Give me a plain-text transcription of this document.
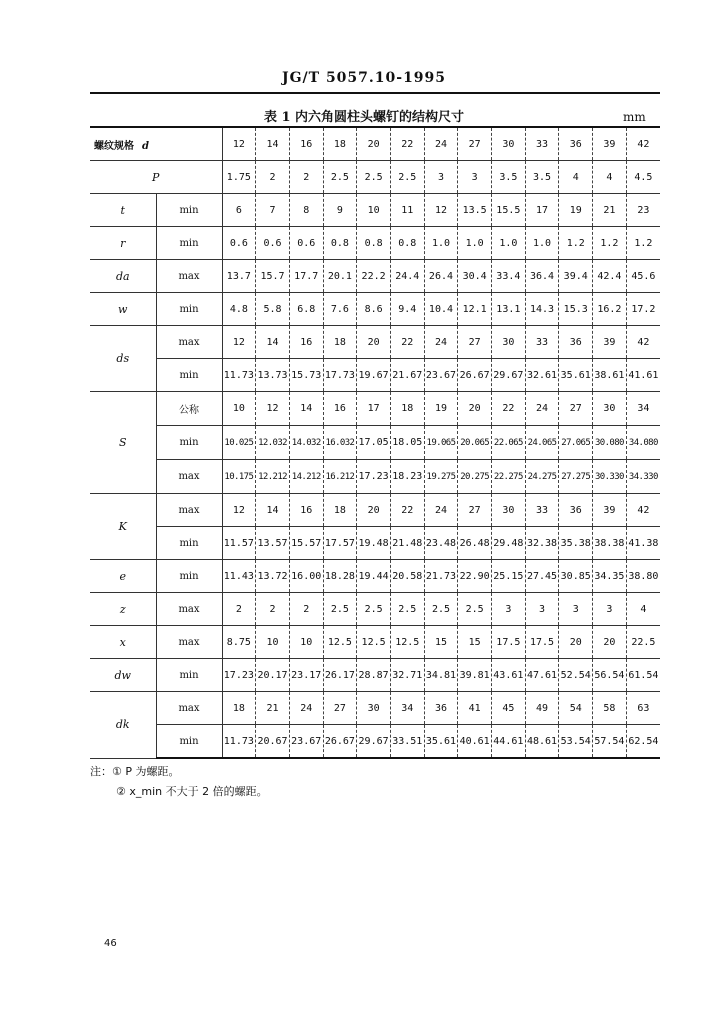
JG/T 5057.10-1995
表 1 内六角圆柱头螺钉的结构尺寸	mm
螺纹规格 d		12	14	16	18	20	22	24	27	30	33	36	39	42
P		1.75	2	2	2.5	2.5	2.5	3	3	3.5	3.5	4	4	4.5
t	min	6	7	8	9	10	11	12	13.5	15.5	17	19	21	23
r	min	0.6	0.6	0.6	0.8	0.8	0.8	1.0	1.0	1.0	1.0	1.2	1.2	1.2
da	max	13.7	15.7	17.7	20.1	22.2	24.4	26.4	30.4	33.4	36.4	39.4	42.4	45.6
w	min	4.8	5.8	6.8	7.6	8.6	9.4	10.4	12.1	13.1	14.3	15.3	16.2	17.2
ds	max	12	14	16	18	20	22	24	27	30	33	36	39	42
	min	11.73	13.73	15.73	17.73	19.67	21.67	23.67	26.67	29.67	32.61	35.61	38.61	41.61
S	公称	10	12	14	16	17	18	19	20	22	24	27	30	34
	min	10.025	12.032	14.032	16.032	17.05	18.05	19.065	20.065	22.065	24.065	27.065	30.080	34.080
	max	10.175	12.212	14.212	16.212	17.23	18.23	19.275	20.275	22.275	24.275	27.275	30.330	34.330
K	max	12	14	16	18	20	22	24	27	30	33	36	39	42
	min	11.57	13.57	15.57	17.57	19.48	21.48	23.48	26.48	29.48	32.38	35.38	38.38	41.38
e	min	11.43	13.72	16.00	18.28	19.44	20.58	21.73	22.90	25.15	27.45	30.85	34.35	38.80
z	max	2	2	2	2.5	2.5	2.5	2.5	2.5	3	3	3	3	4
x	max	8.75	10	10	12.5	12.5	12.5	15	15	17.5	17.5	20	20	22.5
dw	min	17.23	20.17	23.17	26.17	28.87	32.71	34.81	39.81	43.61	47.61	52.54	56.54	61.54
dk	max	18	21	24	27	30	34	36	41	45	49	54	58	63
	min	11.73	20.67	23.67	26.67	29.67	33.51	35.61	40.61	44.61	48.61	53.54	57.54	62.54
注：① P 为螺距。
② x_min 不大于 2 倍的螺距。
46
